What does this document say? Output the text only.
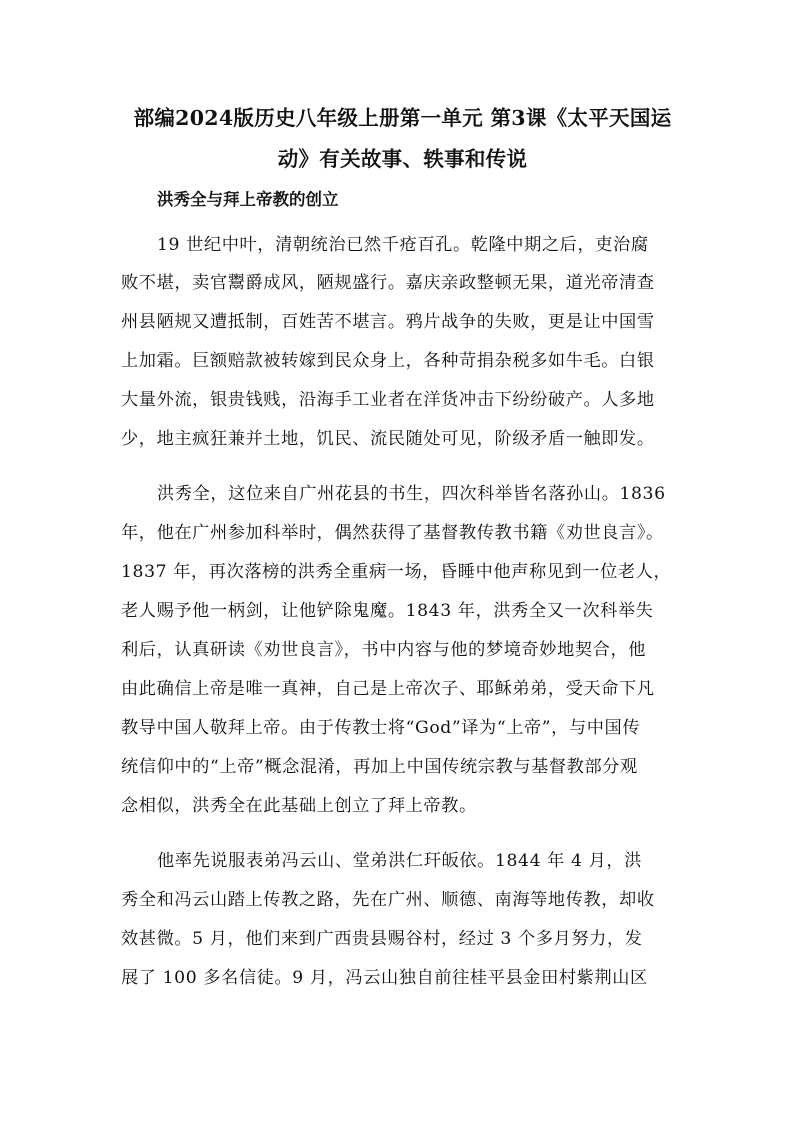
部编2024版历史八年级上册第一单元 第3课《太平天国运
动》有关故事、轶事和传说
洪秀全与拜上帝教的创立
19 世纪中叶，清朝统治已然千疮百孔。乾隆中期之后，吏治腐
败不堪，卖官鬻爵成风，陋规盛行。嘉庆亲政整顿无果，道光帝清查
州县陋规又遭抵制，百姓苦不堪言。鸦片战争的失败，更是让中国雪
上加霜。巨额赔款被转嫁到民众身上，各种苛捐杂税多如牛毛。白银
大量外流，银贵钱贱，沿海手工业者在洋货冲击下纷纷破产。人多地
少，地主疯狂兼并土地，饥民、流民随处可见，阶级矛盾一触即发。
洪秀全，这位来自广州花县的书生，四次科举皆名落孙山。1836
年，他在广州参加科举时，偶然获得了基督教传教书籍《劝世良言》。
1837 年，再次落榜的洪秀全重病一场，昏睡中他声称见到一位老人，
老人赐予他一柄剑，让他铲除鬼魔。1843 年，洪秀全又一次科举失
利后，认真研读《劝世良言》，书中内容与他的梦境奇妙地契合，他
由此确信上帝是唯一真神，自己是上帝次子、耶稣弟弟，受天命下凡
教导中国人敬拜上帝。由于传教士将“God”译为“上帝”，与中国传
统信仰中的“上帝”概念混淆，再加上中国传统宗教与基督教部分观
念相似，洪秀全在此基础上创立了拜上帝教。
他率先说服表弟冯云山、堂弟洪仁玕皈依。1844 年 4 月，洪
秀全和冯云山踏上传教之路，先在广州、顺德、南海等地传教，却收
效甚微。5 月，他们来到广西贵县赐谷村，经过 3 个多月努力，发
展了 100 多名信徒。9 月，冯云山独自前往桂平县金田村紫荆山区
